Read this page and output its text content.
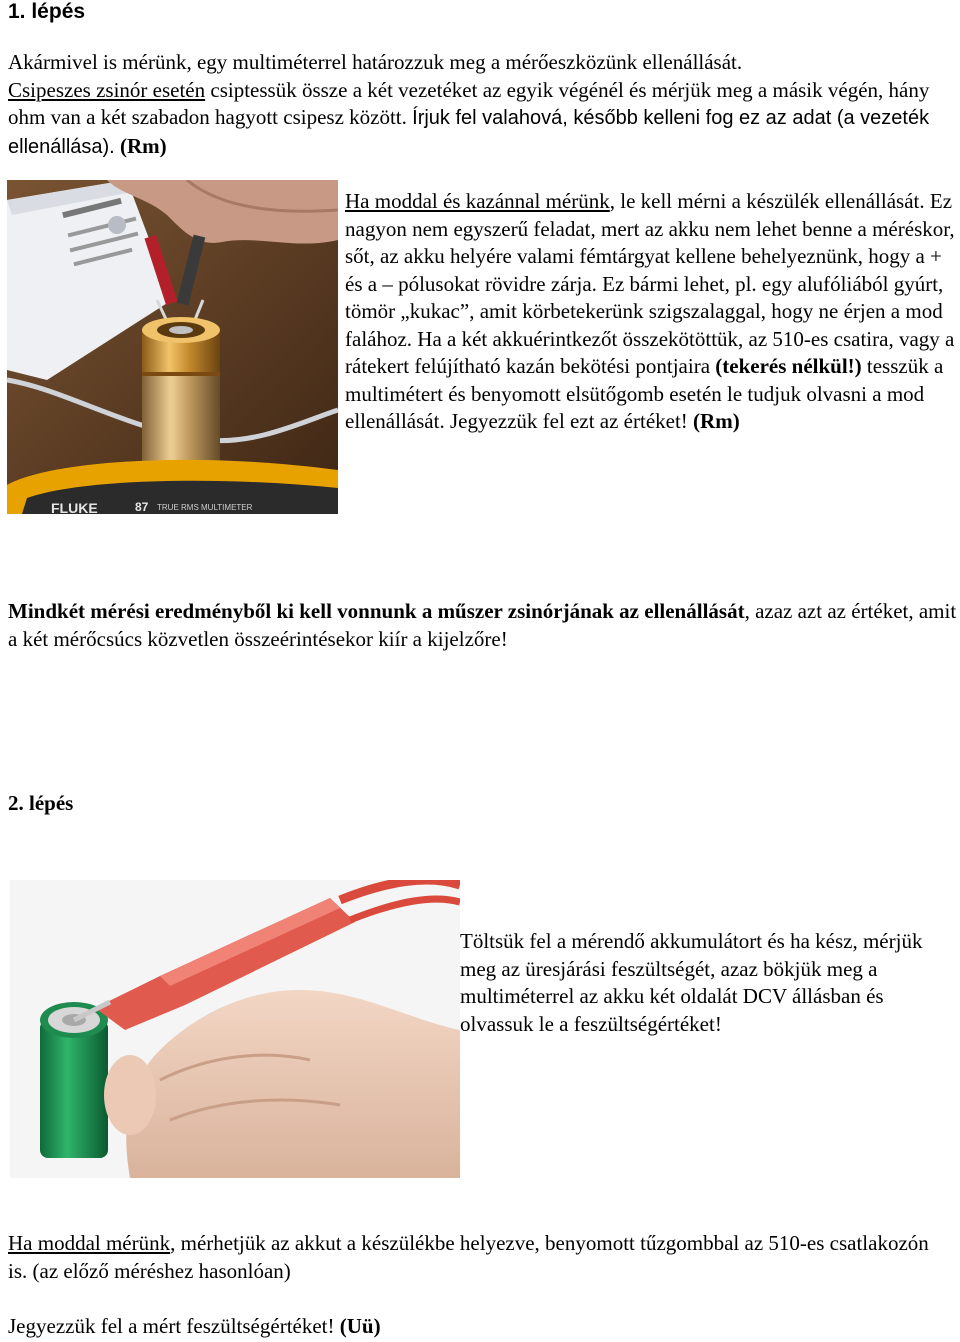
1. lépés
Akármivel is mérünk, egy multiméterrel határozzuk meg a mérőeszközünk ellenállását.
Csipeszes zsinór esetén csiptessük össze a két vezetéket az egyik végénél és mérjük meg a másik végén, hány ohm van a két szabadon hagyott csipesz között. Írjuk fel valahová, később kelleni fog ez az adat (a vezeték ellenállása). (Rm)
FLUKE	87 TRUE RMS MULTIMETER
Ha moddal és kazánnal mérünk, le kell mérni a készülék ellenállását. Ez nagyon nem egyszerű feladat, mert az akku nem lehet benne a méréskor, sőt, az akku helyére valami fémtárgyat kellene behelyeznünk, hogy a + és a – pólusokat rövidre zárja. Ez bármi lehet, pl. egy alufóliából gyúrt, tömör „kukac”, amit körbetekerünk szigszalaggal, hogy ne érjen a mod falához. Ha a két akkuérintkezőt összekötöttük, az 510-es csatira, vagy a rátekert felújítható kazán bekötési pontjaira (tekerés nélkül!) tesszük a multimétert és benyomott elsütőgomb esetén le tudjuk olvasni a mod ellenállását. Jegyezzük fel ezt az értéket! (Rm)
Mindkét mérési eredményből ki kell vonnunk a műszer zsinórjának az ellenállását, azaz azt az értéket, amit a két mérőcsúcs közvetlen összeérintésekor kiír a kijelzőre!
2. lépés
Töltsük fel a mérendő akkumulátort és ha kész, mérjük meg az üresjárási feszültségét, azaz bökjük meg a multiméterrel az akku két oldalát DCV állásban és olvassuk le a feszültségértéket!
Ha moddal mérünk, mérhetjük az akkut a készülékbe helyezve, benyomott tűzgombbal az 510-es csatlakozón is. (az előző méréshez hasonlóan)
Jegyezzük fel a mért feszültségértéket! (Uü)
